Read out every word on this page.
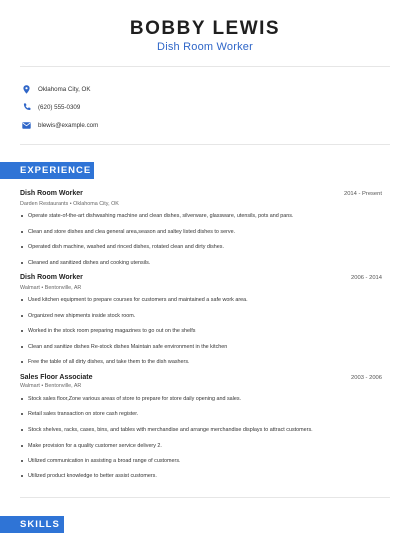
BOBBY LEWIS
Dish Room Worker
Oklahoma City, OK
(620) 555-0309
blewis@example.com
EXPERIENCE
Dish Room Worker	2014 - Present
Darden Restaurants • Oklahoma City, OK
Operate state-of-the-art dishwashing machine and clean dishes, silverware, glassware, utensils, pots and pans.
Clean and store dishes and clea general area,season and saltey listed dishes to serve.
Operated dish machine, washed and rinced dishes, rotated clean and dirty dishes.
Cleaned and sanitized dishes and cooking utensils.
Dish Room Worker	2006 - 2014
Walmart • Bentonville, AR
Used kitchen equipment to prepare courses for customers and maintained a safe work area.
Organized new shipments inside stock room.
Worked in the stock room preparing magazines to go out on the shelfs
Clean and sanitize dishes Re-stock dishes Maintain safe environment in the kitchen
Free the table of all dirty dishes, and take them to the dish washers.
Sales Floor Associate	2003 - 2006
Walmart • Bentonville, AR
Stock sales floor,Zone various areas of store to prepare for store daily opening and sales.
Retail sales transaction on store cash register.
Stock shelves, racks, cases, bins, and tables with merchandise and arrange merchandise displays to attract customers.
Make provision for a quality customer service delivery 2.
Utilized communication in assisting a broad range of customers.
Utilized product knowledge to better assist customers.
SKILLS
